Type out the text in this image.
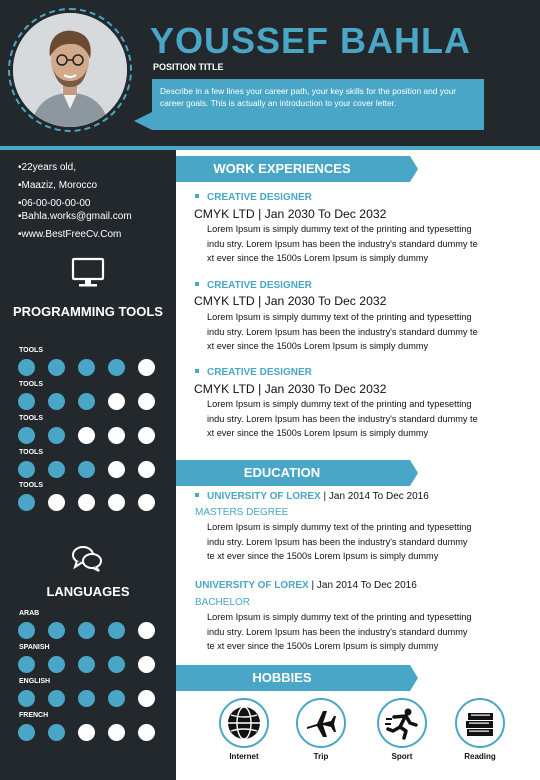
YOUSSEF BAHLA
POSITION TITLE
Describe in a few lines your career path, your key skills for the position and your career goals. This is actually an introduction to your cover letter.
•22years old,
•Maaziz, Morocco
•06-00-00-00-00
•Bahla.works@gmail.com
•www.BestFreeCv.Com
PROGRAMMING TOOLS
TOOLS
TOOLS
TOOLS
TOOLS
TOOLS
LANGUAGES
ARAB
SPANISH
ENGLISH
FRENCH
WORK EXPERIENCES
CREATIVE DESIGNER
CMYK LTD | Jan 2030 To Dec 2032
Lorem Ipsum is simply dummy text of the printing and typesetting
indu stry. Lorem Ipsum has been the industry's standard dummy te
xt ever since the 1500s Lorem Ipsum is simply dummy
CREATIVE DESIGNER
CMYK LTD | Jan 2030 To Dec 2032
Lorem Ipsum is simply dummy text of the printing and typesetting
indu stry. Lorem Ipsum has been the industry's standard dummy te
xt ever since the 1500s Lorem Ipsum is simply dummy
CREATIVE DESIGNER
CMYK LTD | Jan 2030 To Dec 2032
Lorem Ipsum is simply dummy text of the printing and typesetting
indu stry. Lorem Ipsum has been the industry's standard dummy te
xt ever since the 1500s Lorem Ipsum is simply dummy
EDUCATION
UNIVERSITY OF LOREX | Jan 2014 To Dec 2016
MASTERS DEGREE
Lorem Ipsum is simply dummy text of the printing and typesetting
indu stry. Lorem Ipsum has been the industry's standard dummy
te xt ever since the 1500s Lorem Ipsum is simply dummy
UNIVERSITY OF LOREX | Jan 2014 To Dec 2016
BACHELOR
Lorem Ipsum is simply dummy text of the printing and typesetting
indu stry. Lorem Ipsum has been the industry's standard dummy
te xt ever since the 1500s Lorem Ipsum is simply dummy
HOBBIES
Internet	Trip	Sport	Reading
